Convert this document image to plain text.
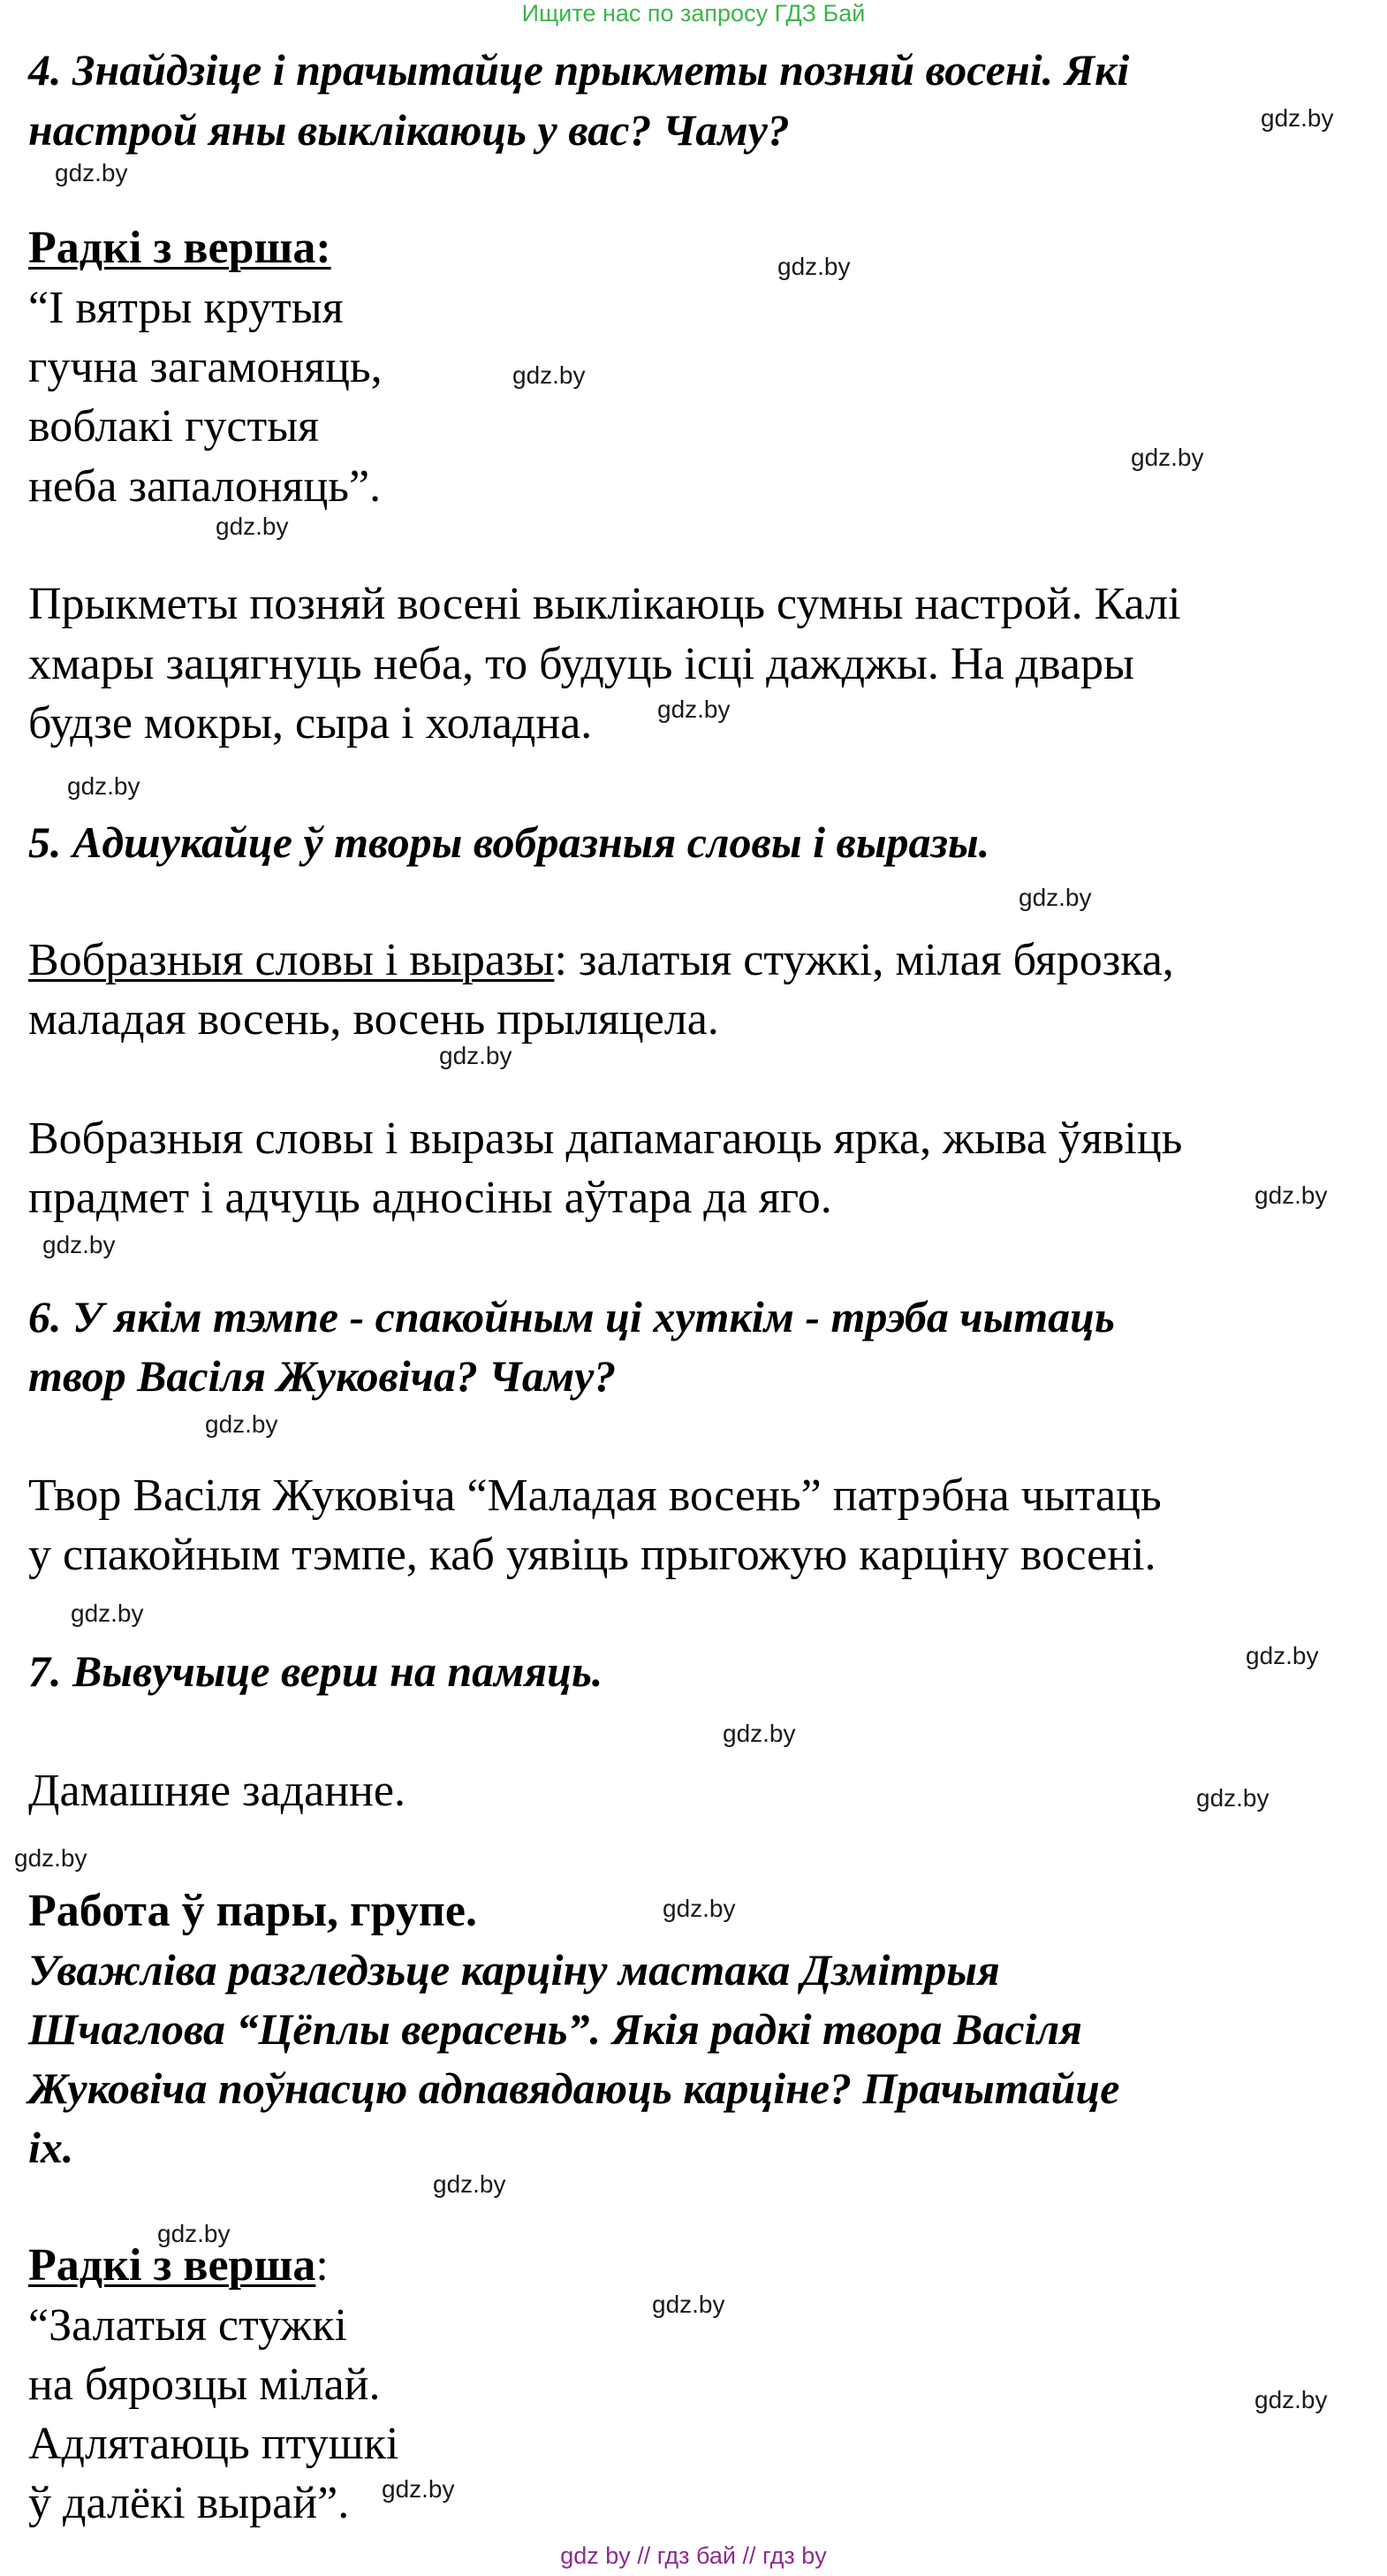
Ищите нас по запросу ГДЗ Бай
4. Знайдзіце і прачытайце прыкметы позняй восені. Які
настрой яны выклікаюць у вас? Чаму?
Радкі з верша:
“І вятры крутыя
гучна загамоняць,
воблакі густыя
неба запалоняць”.
Прыкметы позняй восені выклікаюць сумны настрой. Калі
хмары зацягнуць неба, то будуць ісці дажджы. На двары
будзе мокры, сыра і холадна.
5. Адшукайце ў творы вобразныя словы і выразы.
Вобразныя словы і выразы: залатыя стужкі, мілая бярозка,
маладая восень, восень прыляцела.
Вобразныя словы і выразы дапамагаюць ярка, жыва ўявіць
прадмет і адчуць адносіны аўтара да яго.
6. У якім тэмпе - спакойным ці хуткім - трэба чытаць
твор Васіля Жуковіча? Чаму?
Твор Васіля Жуковіча “Маладая восень” патрэбна чытаць
у спакойным тэмпе, каб уявіць прыгожую карціну восені.
7. Вывучыце верш на памяць.
Дамашняе заданне.
Работа ў пары, групе.
Уважліва разгледзьце карціну мастака Дзмітрыя
Шчаглова “Цёплы верасень”. Якія радкі твора Васіля
Жуковіча поўнасцю адпавядаюць карціне? Прачытайце
іх.
Радкі з верша:
“Залатыя стужкі
на бярозцы мілай.
Адлятаюць птушкі
ў далёкі вырай”.
gdz.by
gdz.by
gdz.by
gdz.by
gdz.by
gdz.by
gdz.by
gdz.by
gdz.by
gdz.by
gdz.by
gdz.by
gdz.by
gdz.by
gdz.by
gdz.by
gdz.by
gdz.by
gdz.by
gdz.by
gdz.by
gdz.by
gdz.by
gdz.by
gdz by // гдз бай // гдз by
